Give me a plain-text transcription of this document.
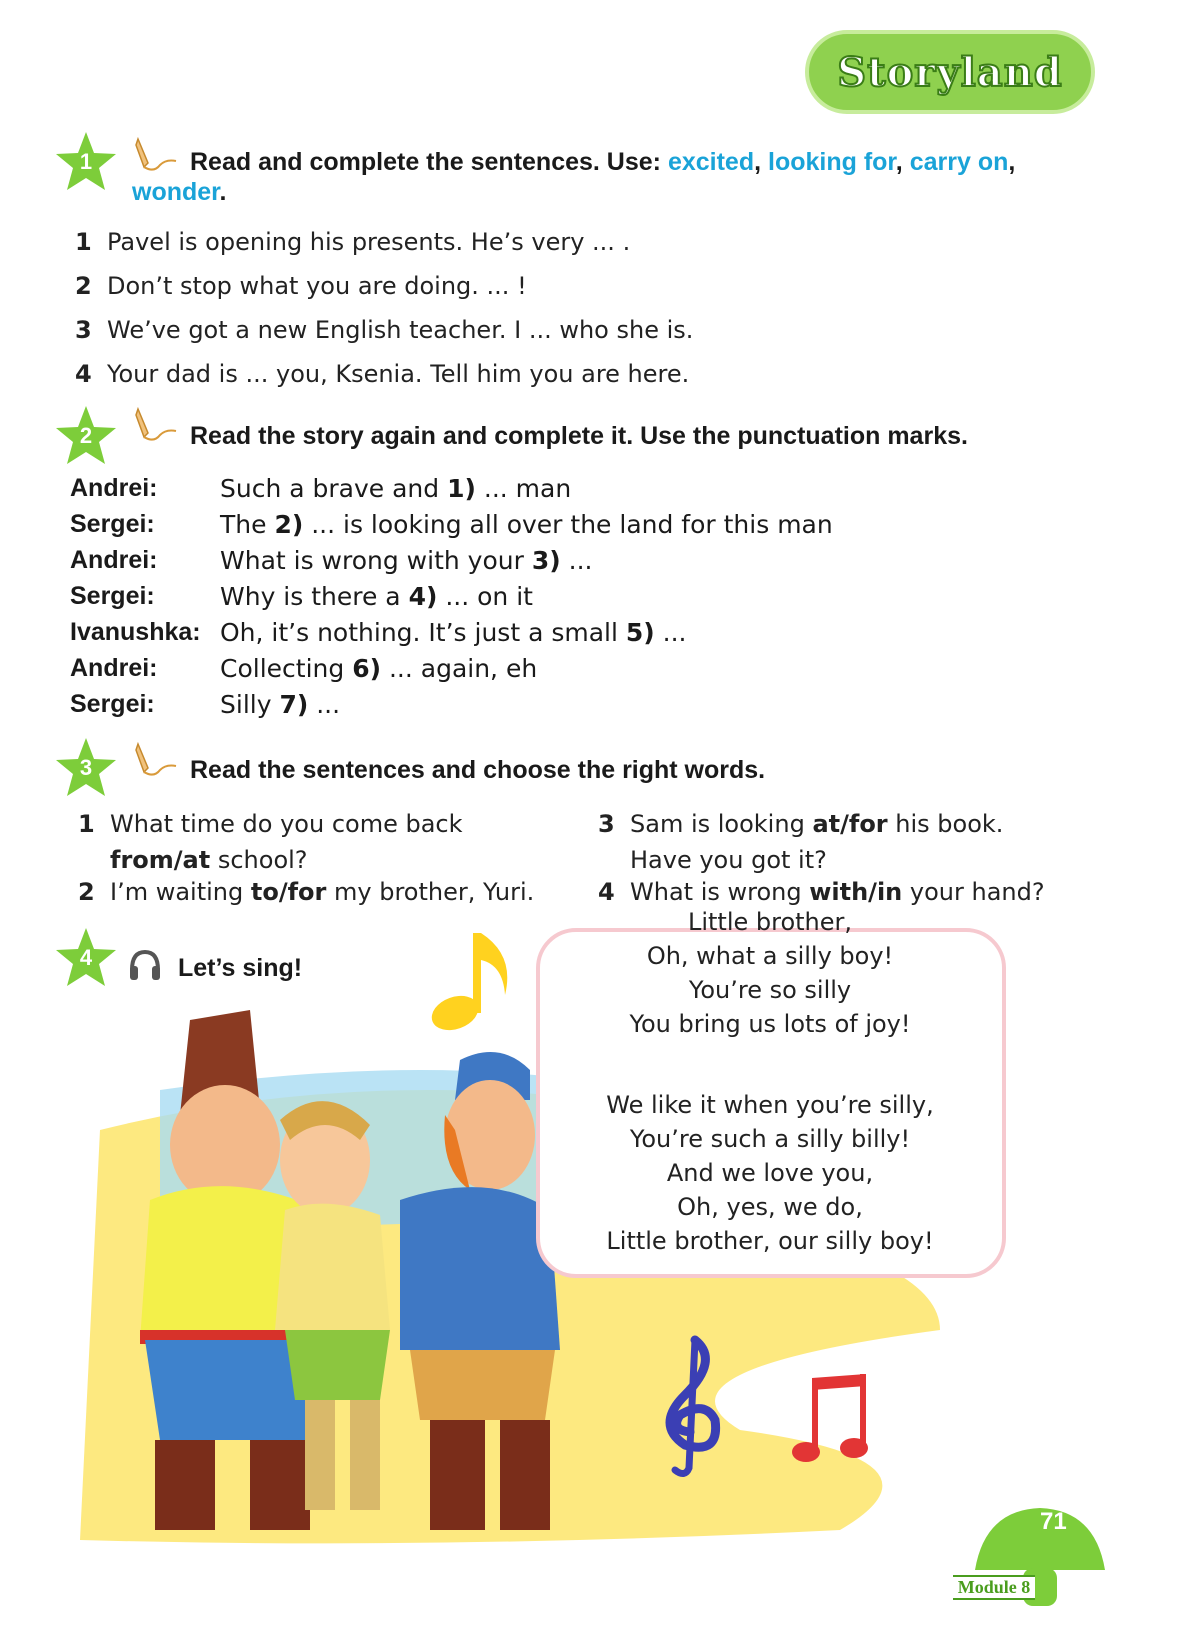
Storyland
1	Read and complete the sentences. Use: excited, looking for, carry on,
wonder.
1 Pavel is opening his presents. He’s very ... .
2 Don’t stop what you are doing. ... !
3 We’ve got a new English teacher. I ... who she is.
4 Your dad is ... you, Ksenia. Tell him you are here.
2	Read the story again and complete it. Use the punctuation marks.
Andrei:	Such a brave and 1) ... man
Sergei:	The 2) ... is looking all over the land for this man
Andrei:	What is wrong with your 3) ...
Sergei:	Why is there a 4) ... on it
Ivanushka: Oh, it’s nothing. It’s just a small 5) ...
Andrei:	Collecting 6) ... again, eh
Sergei:	Silly 7) ...
3	Read the sentences and choose the right words.
1 What time do you come back
from/at school?
2 I’m waiting to/for my brother, Yuri.
3 Sam is looking at/for his book.
Have you got it?
4 What is wrong with/in your hand?
4	Let’s sing!
Little brother,
Oh, what a silly boy!
You’re so silly
You bring us lots of joy!
We like it when you’re silly,
You’re such a silly billy!
And we love you,
Oh, yes, we do,
Little brother, our silly boy!
71
Module 8
